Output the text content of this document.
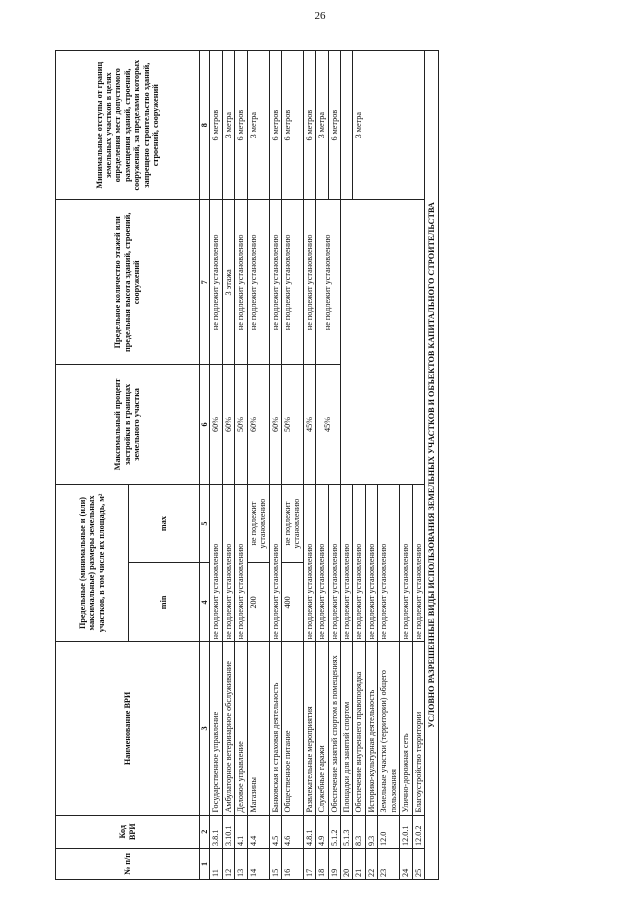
26
№ п/п	Код ВРИ	Наименование ВРИ	Предельные (минимальные и (или) максимальные) размеры земельных участков, в том числе их площадь, м²		Максимальный процент застройки в границах земельного участка	Предельное количество этажей или предельная высота зданий, строений, сооружений	Минимальные отступы от границ земельных участков в целях определения мест допустимого размещения зданий, строений, сооружений, за пределами которых запрещено строительство зданий, строений, сооружений
			min	max			
1	2	3	4	5	6	7	8
11	3.8.1	Государственное управление	не подлежит установлению		60%	не подлежит установлению	6 метров
12	3.10.1	Амбулаторное ветеринарное обслуживание	не подлежит установлению		60%	3 этажа	3 метра
13	4.1	Деловое управление	не подлежит установлению		50%	не подлежит установлению	6 метров
14	4.4	Магазины	200	не подлежит установлению	60%	не подлежит установлению	3 метра
15	4.5	Банковская и страховая деятельность	не подлежит установлению		60%	не подлежит установлению	6 метров
16	4.6	Общественное питание	400	не подлежит установлению	50%	не подлежит установлению	6 метров
17	4.8.1	Развлекательные мероприятия	не подлежит установлению		45%	не подлежит установлению	6 метров
18	4.9	Служебные гаражи	не подлежит установлению		45%	не подлежит установлению	3 метра
19	5.1.2	Обеспечение занятий спортом в помещениях	не подлежит установлению				6 метров
20	5.1.3	Площадки для занятий спортом	не подлежит установлению				
21	8.3	Обеспечение внутреннего правопорядка	не подлежит установлению				3 метра
22	9.3	Историко-культурная деятельность	не подлежит установлению				
23	12.0	Земельные участки (территории) общего пользования	не подлежит установлению				
24	12.0.1	Улично-дорожная сеть	не подлежит установлению				
25	12.0.2	Благоустройство территории	не подлежит установлению				
УСЛОВНО РАЗРЕШЕННЫЕ ВИДЫ ИСПОЛЬЗОВАНИЯ ЗЕМЕЛЬНЫХ УЧАСТКОВ И ОБЪЕКТОВ КАПИТАЛЬНОГО СТРОИТЕЛЬСТВА							
